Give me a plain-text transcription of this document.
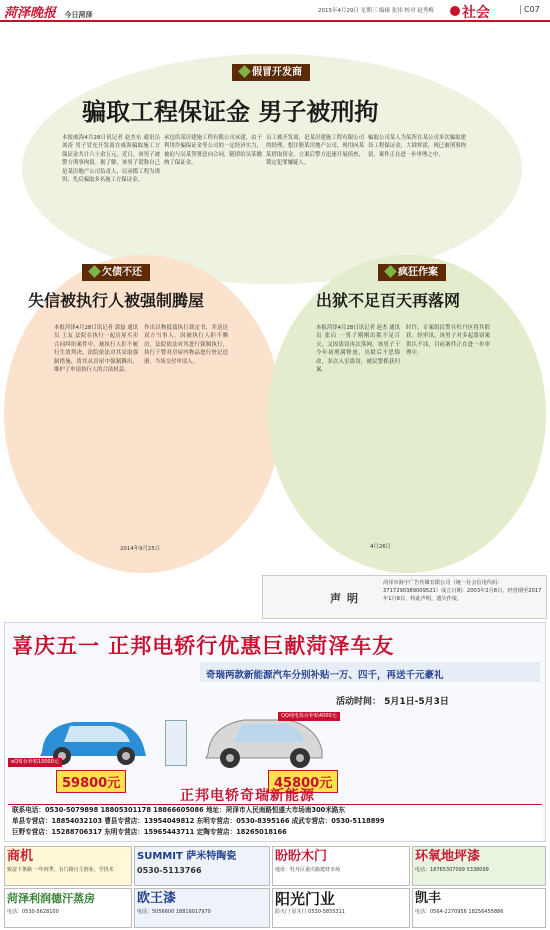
菏泽晚报 今日菏泽	2015年4月29日 星期三 编辑 张伟 校对 赵秀梅 社会	C07
假冒开发商
骗取工程保证金 男子被刑拘
本报威海4月28日讯记者 赵杰东 通讯员 刘涛 男子冒充开发商在威海骗取施工方保证金共计六十余万元。近日，该男子被警方刑事拘留。据了解，该男子谎称自己是某房地产公司负责人，以承揽工程为诱饵，先后骗取多名施工方保证金。
承包给某房建施工程有限公司承建，由于利用诈骗保证金等公司的一定经济实力，被迫与吴某签署意向合同，随即给吴某缴纳了保证金。
员工被开发商，是某房建施工程有限公司的经理，想注册某房地产公司，现用向某某借取资金，立案后警方迅速开展侦查，锁定犯罪嫌疑人。
骗取公司某人为某所在某公司多次骗取建设工程保证金，大肆挥霍，现已被刑事拘留，案件正在进一步审理之中。
欠债不还
失信被执行人被强制腾屋
本报菏泽4月28日讯记者 郭磊 通讯员 王友 法院在执行一起房屋买卖合同纠纷案件中，被执行人拒不履行生效判决。法院依法对其采取强制措施，将其从房屋中强制腾出，维护了申请执行人的合法权益。
作出以物抵债执行裁定书，并送达双方当事人。因被执行人拒不腾房，法院依法对其进行强制执行，执行干警对房屋内物品进行登记造册，当场交付申请人。
2014年9月25日
疯狂作案
出狱不足百天再落网
本报菏泽4月28日讯记者 赵杰 通讯员 张启 一男子刚刚出狱不足百天，又因盗窃再次落网。该男子于今年初刑满释放，出狱后不思悔改，多次入室盗窃，被民警抓获归案。
时许，专案组民警在牡丹区将其抓获。经审讯，该男子对多起盗窃案供认不讳，目前案件正在进一步审理中。
4月26日
声明
菏泽市海宇广告传媒有限公司（统一社会信用代码：3717290389009521）成立日期：2003年2月8日，经营期至2017年1月8日，特此声明，遗失作废。
喜庆五一 正邦电轿行优惠巨献菏泽车友
奇瑞两款新能源汽车分别补贴一万、四千，再送千元豪礼
活动时间： 5月1日-5月3日
eQ每台补贴10000元
QQ纯电每台补贴4000元
59800元	45800元
正邦电轿奇瑞新能源
联系电话：0530-5079898 18805301178 18866605086 地址：菏泽市人民南路恒盛大市场南300米路东
单县专营店：18854032103 曹县专营店：13954049812 东明专营店：0530-8395166 成武专营店：0530-5118899
巨野专营店：15288706317 东明专营店：15965443711 定陶专营店：18265018166
商机
致富千条路 一年四季，有门路自主创业，学技术
SUMMIT 萨米特陶瓷
0530-5113766
盼盼木门
地址：牡丹区重庆路建材市场
环氧地坪漆
电话：18765307099 5338099
菏泽利润德汗蒸房
电话：0530-5628100
欧王漆
电话：5056600 18816017970
阳光门业
防火门 原木门 0530-5855311
凯丰
电话：0564-2270956 18256455886
